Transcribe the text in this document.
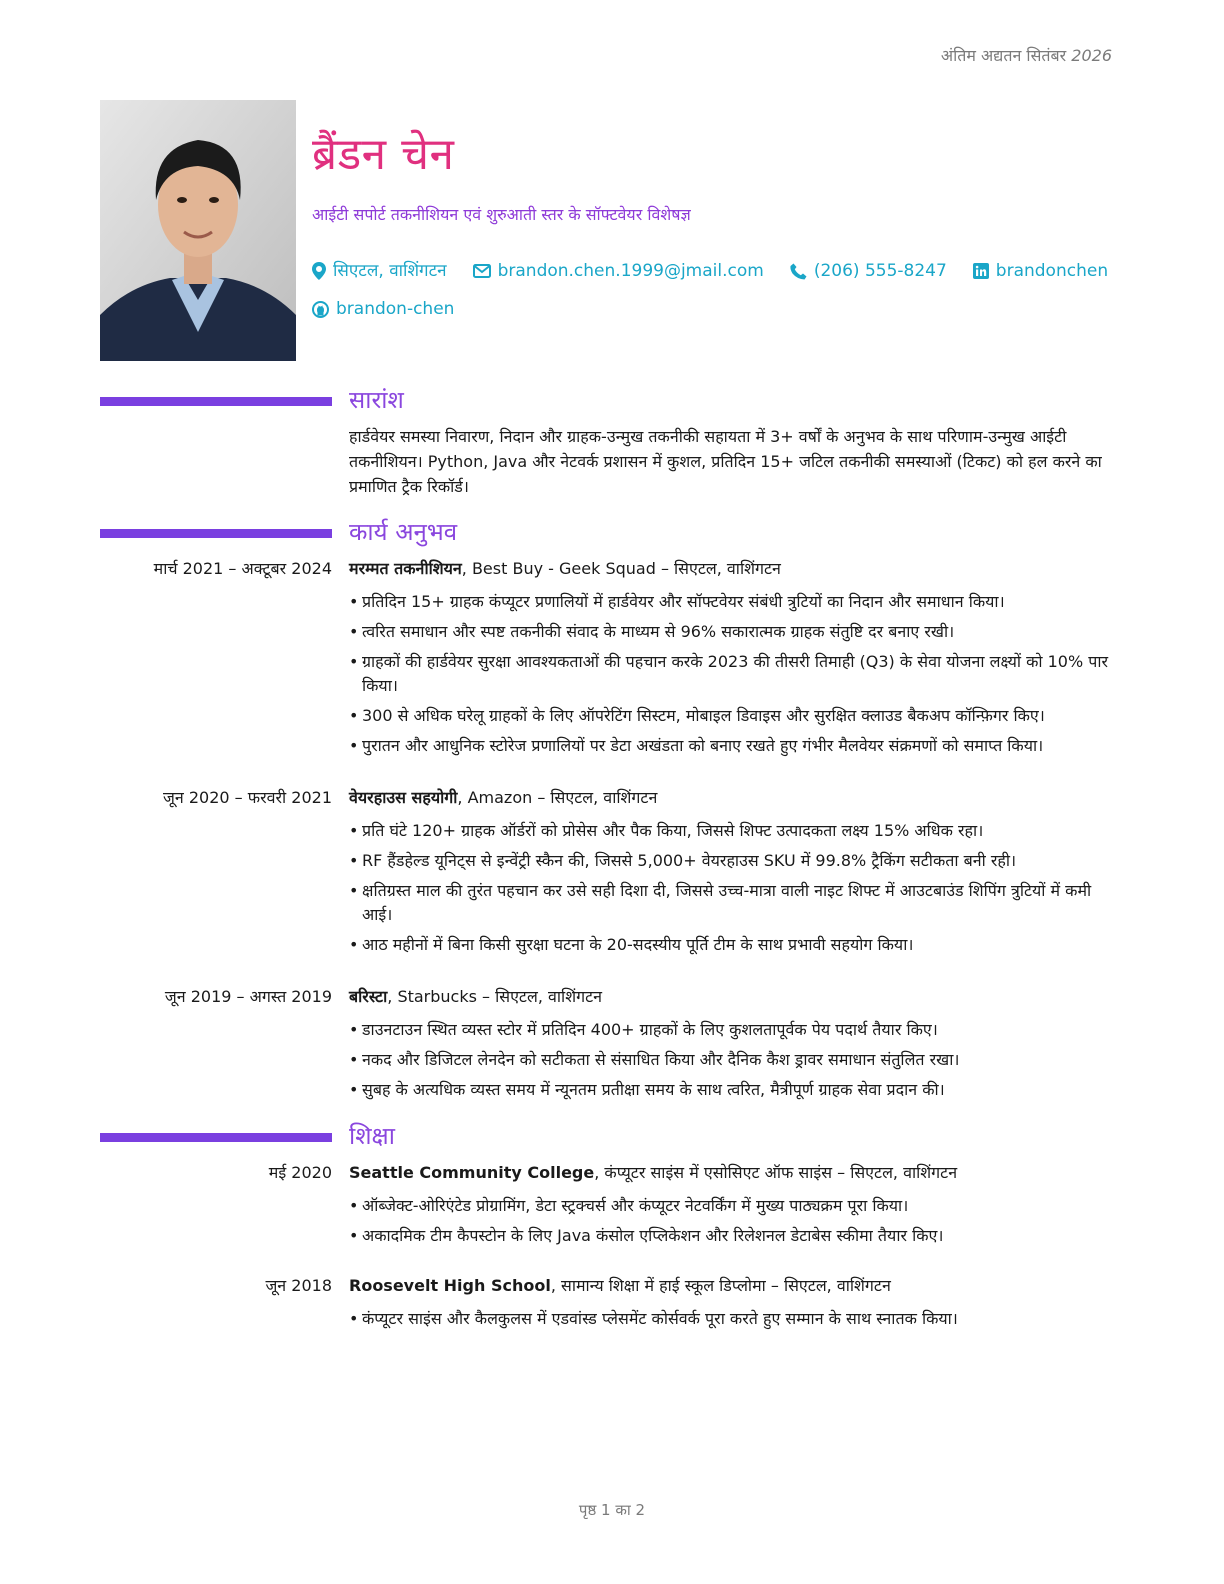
अंतिम अद्यतन सितंबर 2026
ब्रैंडन चेन
आईटी सपोर्ट तकनीशियन एवं शुरुआती स्तर के सॉफ्टवेयर विशेषज्ञ
सिएटल, वाशिंगटन	brandon.chen.1999@jmail.com	(206) 555-8247	brandonchen
brandon-chen
सारांश
हार्डवेयर समस्या निवारण, निदान और ग्राहक-उन्मुख तकनीकी सहायता में 3+ वर्षों के अनुभव के साथ परिणाम-उन्मुख आईटी तकनीशियन। Python, Java और नेटवर्क प्रशासन में कुशल, प्रतिदिन 15+ जटिल तकनीकी समस्याओं (टिकट) को हल करने का प्रमाणित ट्रैक रिकॉर्ड।
कार्य अनुभव
मार्च 2021 – अक्टूबर 2024 मरम्मत तकनीशियन, Best Buy - Geek Squad – सिएटल, वाशिंगटन
• प्रतिदिन 15+ ग्राहक कंप्यूटर प्रणालियों में हार्डवेयर और सॉफ्टवेयर संबंधी त्रुटियों का निदान और समाधान किया।
• त्वरित समाधान और स्पष्ट तकनीकी संवाद के माध्यम से 96% सकारात्मक ग्राहक संतुष्टि दर बनाए रखी।
• ग्राहकों की हार्डवेयर सुरक्षा आवश्यकताओं की पहचान करके 2023 की तीसरी तिमाही (Q3) के सेवा योजना लक्ष्यों को 10% पार किया।
• 300 से अधिक घरेलू ग्राहकों के लिए ऑपरेटिंग सिस्टम, मोबाइल डिवाइस और सुरक्षित क्लाउड बैकअप कॉन्फ़िगर किए।
• पुरातन और आधुनिक स्टोरेज प्रणालियों पर डेटा अखंडता को बनाए रखते हुए गंभीर मैलवेयर संक्रमणों को समाप्त किया।
जून 2020 – फरवरी 2021 वेयरहाउस सहयोगी, Amazon – सिएटल, वाशिंगटन
• प्रति घंटे 120+ ग्राहक ऑर्डरों को प्रोसेस और पैक किया, जिससे शिफ्ट उत्पादकता लक्ष्य 15% अधिक रहा।
• RF हैंडहेल्ड यूनिट्स से इन्वेंट्री स्कैन की, जिससे 5,000+ वेयरहाउस SKU में 99.8% ट्रैकिंग सटीकता बनी रही।
• क्षतिग्रस्त माल की तुरंत पहचान कर उसे सही दिशा दी, जिससे उच्च-मात्रा वाली नाइट शिफ्ट में आउटबाउंड शिपिंग त्रुटियों में कमी आई।
• आठ महीनों में बिना किसी सुरक्षा घटना के 20-सदस्यीय पूर्ति टीम के साथ प्रभावी सहयोग किया।
जून 2019 – अगस्त 2019 बरिस्टा, Starbucks – सिएटल, वाशिंगटन
• डाउनटाउन स्थित व्यस्त स्टोर में प्रतिदिन 400+ ग्राहकों के लिए कुशलतापूर्वक पेय पदार्थ तैयार किए।
• नकद और डिजिटल लेनदेन को सटीकता से संसाधित किया और दैनिक कैश ड्रावर समाधान संतुलित रखा।
• सुबह के अत्यधिक व्यस्त समय में न्यूनतम प्रतीक्षा समय के साथ त्वरित, मैत्रीपूर्ण ग्राहक सेवा प्रदान की।
शिक्षा
मई 2020 Seattle Community College, कंप्यूटर साइंस में एसोसिएट ऑफ साइंस – सिएटल, वाशिंगटन
• ऑब्जेक्ट-ओरिएंटेड प्रोग्रामिंग, डेटा स्ट्रक्चर्स और कंप्यूटर नेटवर्किंग में मुख्य पाठ्यक्रम पूरा किया।
• अकादमिक टीम कैपस्टोन के लिए Java कंसोल एप्लिकेशन और रिलेशनल डेटाबेस स्कीमा तैयार किए।
जून 2018 Roosevelt High School, सामान्य शिक्षा में हाई स्कूल डिप्लोमा – सिएटल, वाशिंगटन
• कंप्यूटर साइंस और कैलकुलस में एडवांस्ड प्लेसमेंट कोर्सवर्क पूरा करते हुए सम्मान के साथ स्नातक किया।
पृष्ठ 1 का 2
